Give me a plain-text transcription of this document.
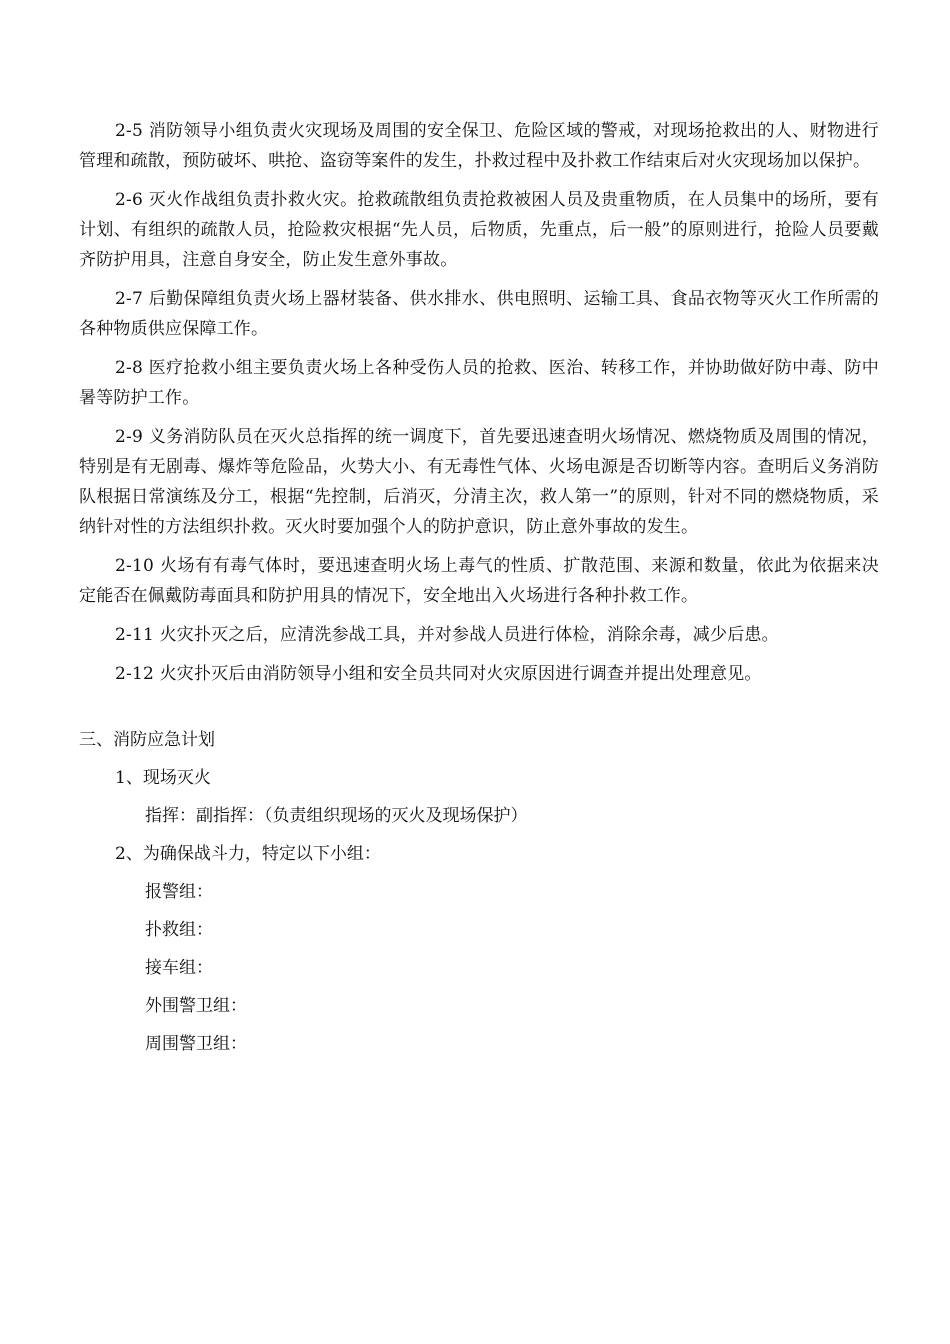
2-5 消防领导小组负责火灾现场及周围的安全保卫、危险区域的警戒，对现场抢救出的人、财物进行管理和疏散，预防破坏、哄抢、盗窃等案件的发生，扑救过程中及扑救工作结束后对火灾现场加以保护。

2-6 灭火作战组负责扑救火灾。抢救疏散组负责抢救被困人员及贵重物质，在人员集中的场所，要有计划、有组织的疏散人员，抢险救灾根据“先人员，后物质，先重点，后一般”的原则进行，抢险人员要戴齐防护用具，注意自身安全，防止发生意外事故。

2-7 后勤保障组负责火场上器材装备、供水排水、供电照明、运输工具、食品衣物等灭火工作所需的各种物质供应保障工作。

2-8 医疗抢救小组主要负责火场上各种受伤人员的抢救、医治、转移工作，并协助做好防中毒、防中暑等防护工作。

2-9 义务消防队员在灭火总指挥的统一调度下，首先要迅速查明火场情况、燃烧物质及周围的情况，特别是有无剧毒、爆炸等危险品，火势大小、有无毒性气体、火场电源是否切断等内容。查明后义务消防队根据日常演练及分工，根据“先控制，后消灭，分清主次，救人第一”的原则，针对不同的燃烧物质，采纳针对性的方法组织扑救。灭火时要加强个人的防护意识，防止意外事故的发生。

2-10 火场有有毒气体时，要迅速查明火场上毒气的性质、扩散范围、来源和数量，依此为依据来决定能否在佩戴防毒面具和防护用具的情况下，安全地出入火场进行各种扑救工作。

2-11 火灾扑灭之后，应清洗参战工具，并对参战人员进行体检，消除余毒，减少后患。

2-12 火灾扑灭后由消防领导小组和安全员共同对火灾原因进行调查并提出处理意见。

三、消防应急计划

1、现场灭火

指挥：副指挥：（负责组织现场的灭火及现场保护）

2、为确保战斗力，特定以下小组：

报警组：

扑救组：

接车组：

外围警卫组：

周围警卫组：
